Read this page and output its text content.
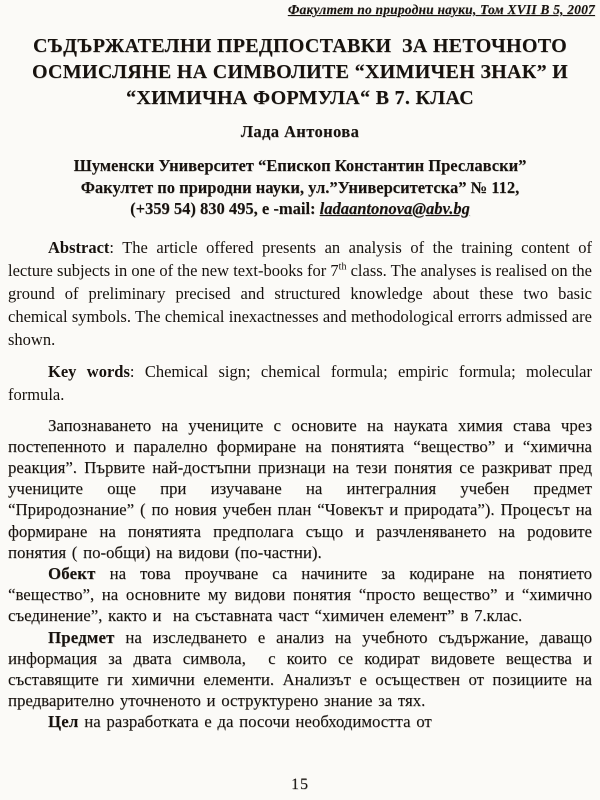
Факултет по природни науки, Том XVII В 5, 2007
СЪДЪРЖАТЕЛНИ ПРЕДПОСТАВКИ  ЗА НЕТОЧНОТО
ОСМИСЛЯНЕ НА СИМВОЛИТЕ “ХИМИЧЕН ЗНАК” И
“ХИМИЧНА ФОРМУЛА“ В 7. КЛАС
Лада Антонова
Шуменски Университет “Епископ Константин Преславски”
Факултет по природни науки, ул.”Университетска” № 112,
(+359 54) 830 495, e -mail: ladaantonova@abv.bg

Abstract: The article offered presents an analysis of the training content of lecture subjects in one of the new text-books for 7th class. The analyses is realised on the ground of preliminary precised and structured knowledge about these two basic chemical symbols. The chemical inexactnesses and methodological errorrs admissed are shown.

Key words: Chemical sign; chemical formula; empiric formula; molecular formula.

Запознаването на учениците с основите на науката химия става чрез постепенното и паралелно формиране на понятията “вещество” и “химична реакция”. Първите най-достъпни признаци на тези понятия се разкриват пред учениците още при изучаване на интегралния учебен предмет “Природознание” ( по новия учебен план “Човекът и природата”). Процесът на формиране на понятията предполага също и разчленяването на родовите понятия ( по-общи) на видови (по-частни).

Обект на това проучване са начините за кодиране на понятието “вещество”, на основните му видови понятия “просто вещество” и “химично съединение”, както и  на съставната част “химичен елемент” в 7.клас.

Предмет на изследването е анализ на учебното съдържание, даващо информация за двата символа,  с които се кодират видовете вещества и съставящите ги химични елементи. Анализът е осъществен от позициите на предварително уточненото и оструктурено знание за тях.

Цел на разработката е да посочи необходимостта от

15
